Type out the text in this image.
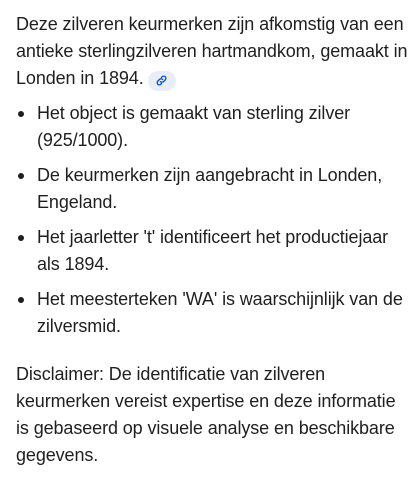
Deze zilveren keurmerken zijn afkomstig van een antieke sterlingzilveren hartmandkom, gemaakt in Londen in 1894.

Het object is gemaakt van sterling zilver (925/1000).
De keurmerken zijn aangebracht in Londen, Engeland.
Het jaarletter 't' identificeert het productiejaar als 1894.
Het meesterteken 'WA' is waarschijnlijk van de zilversmid.

Disclaimer: De identificatie van zilveren keurmerken vereist expertise en deze informatie is gebaseerd op visuele analyse en beschikbare gegevens.
